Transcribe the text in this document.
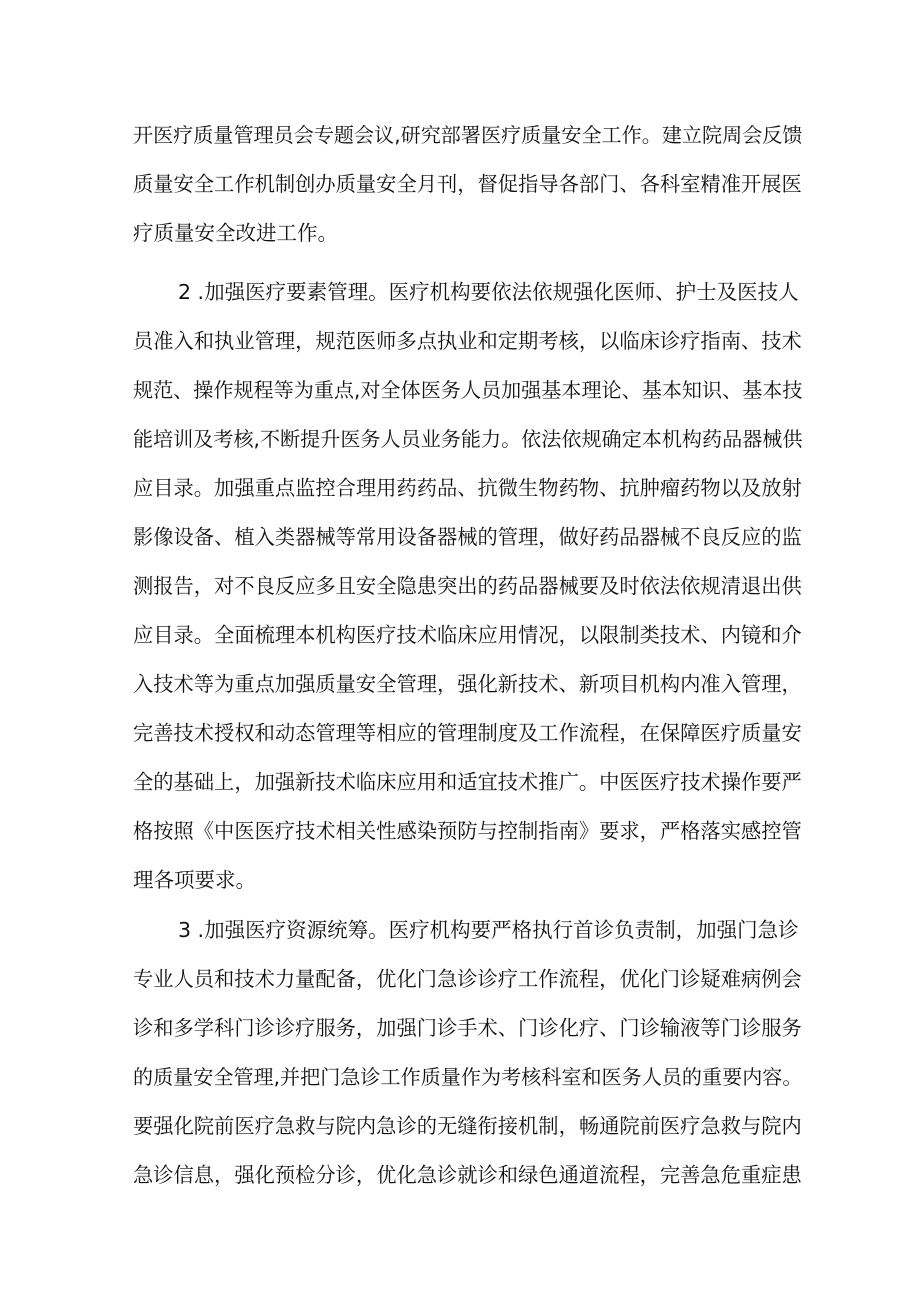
开医疗质量管理员会专题会议,研究部署医疗质量安全工作。建立院周会反馈
质量安全工作机制创办质量安全月刊，督促指导各部门、各科室精准开展医
疗质量安全改进工作。
2 .加强医疗要素管理。医疗机构要依法依规强化医师、护士及医技人
员准入和执业管理，规范医师多点执业和定期考核，以临床诊疗指南、技术
规范、操作规程等为重点,对全体医务人员加强基本理论、基本知识、基本技
能培训及考核,不断提升医务人员业务能力。依法依规确定本机构药品器械供
应目录。加强重点监控合理用药药品、抗微生物药物、抗肿瘤药物以及放射
影像设备、植入类器械等常用设备器械的管理，做好药品器械不良反应的监
测报告，对不良反应多且安全隐患突出的药品器械要及时依法依规清退出供
应目录。全面梳理本机构医疗技术临床应用情况，以限制类技术、内镜和介
入技术等为重点加强质量安全管理，强化新技术、新项目机构内准入管理，
完善技术授权和动态管理等相应的管理制度及工作流程，在保障医疗质量安
全的基础上，加强新技术临床应用和适宜技术推广。中医医疗技术操作要严
格按照《中医医疗技术相关性感染预防与控制指南》要求，严格落实感控管
理各项要求。
3 .加强医疗资源统筹。医疗机构要严格执行首诊负责制，加强门急诊
专业人员和技术力量配备，优化门急诊诊疗工作流程，优化门诊疑难病例会
诊和多学科门诊诊疗服务，加强门诊手术、门诊化疗、门诊输液等门诊服务
的质量安全管理,并把门急诊工作质量作为考核科室和医务人员的重要内容。
要强化院前医疗急救与院内急诊的无缝衔接机制，畅通院前医疗急救与院内
急诊信息，强化预检分诊，优化急诊就诊和绿色通道流程，完善急危重症患
